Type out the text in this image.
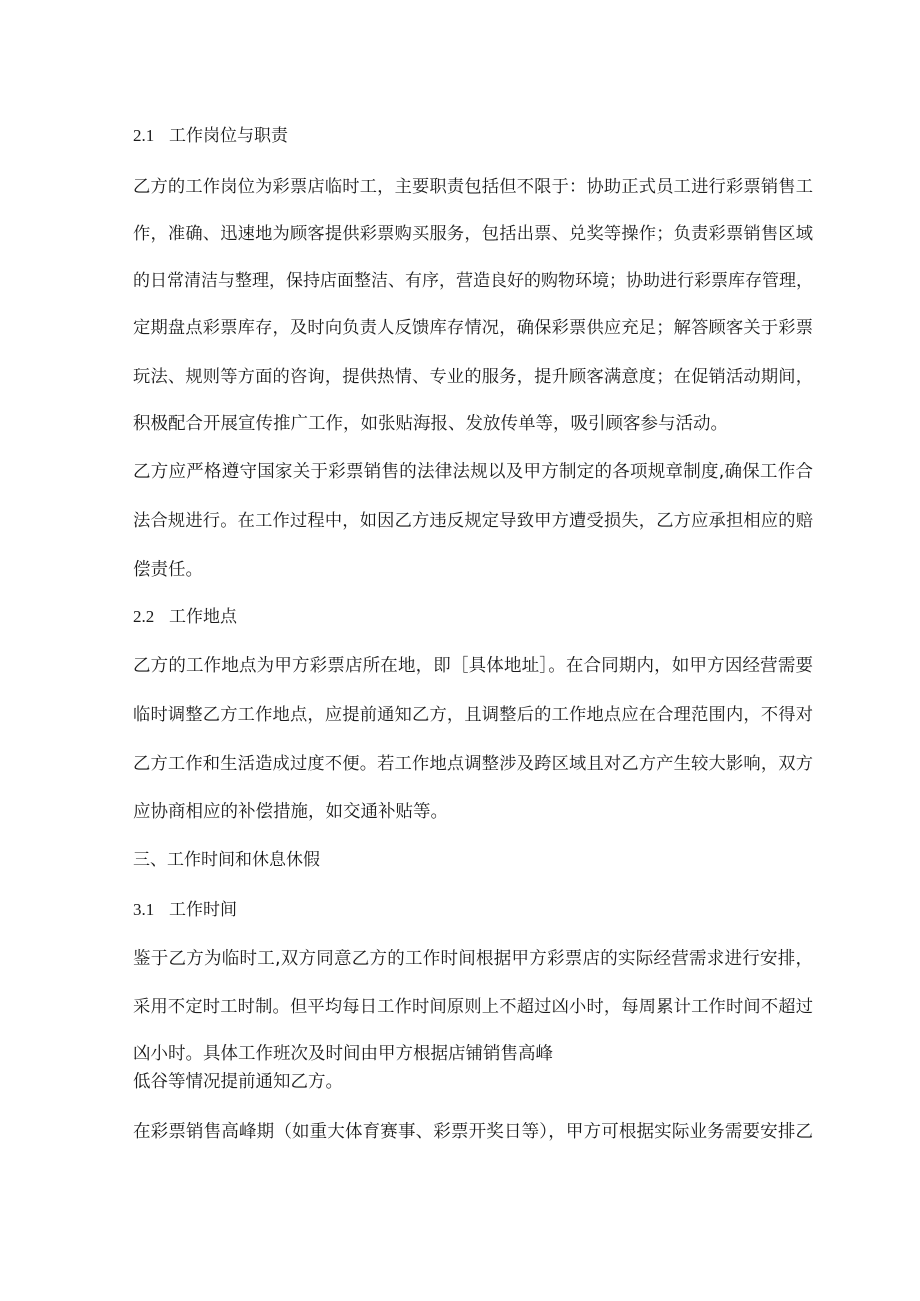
2.1 工作岗位与职责
乙方的工作岗位为彩票店临时工，主要职责包括但不限于：协助正式员工进行彩票销售工
作，准确、迅速地为顾客提供彩票购买服务，包括出票、兑奖等操作；负责彩票销售区域
的日常清洁与整理，保持店面整洁、有序，营造良好的购物环境；协助进行彩票库存管理，
定期盘点彩票库存，及时向负责人反馈库存情况，确保彩票供应充足；解答顾客关于彩票
玩法、规则等方面的咨询，提供热情、专业的服务，提升顾客满意度；在促销活动期间，
积极配合开展宣传推广工作，如张贴海报、发放传单等，吸引顾客参与活动。
乙方应严格遵守国家关于彩票销售的法律法规以及甲方制定的各项规章制度,确保工作合
法合规进行。在工作过程中，如因乙方违反规定导致甲方遭受损失，乙方应承担相应的赔
偿责任。
2.2 工作地点
乙方的工作地点为甲方彩票店所在地，即［具体地址］。在合同期内，如甲方因经营需要
临时调整乙方工作地点，应提前通知乙方，且调整后的工作地点应在合理范围内，不得对
乙方工作和生活造成过度不便。若工作地点调整涉及跨区域且对乙方产生较大影响，双方
应协商相应的补偿措施，如交通补贴等。
三、工作时间和休息休假
3.1 工作时间
鉴于乙方为临时工,双方同意乙方的工作时间根据甲方彩票店的实际经营需求进行安排，
采用不定时工时制。但平均每日工作时间原则上不超过凶小时，每周累计工作时间不超过
凶小时。具体工作班次及时间由甲方根据店铺销售高峰
低谷等情况提前通知乙方。
在彩票销售高峰期（如重大体育赛事、彩票开奖日等），甲方可根据实际业务需要安排乙
